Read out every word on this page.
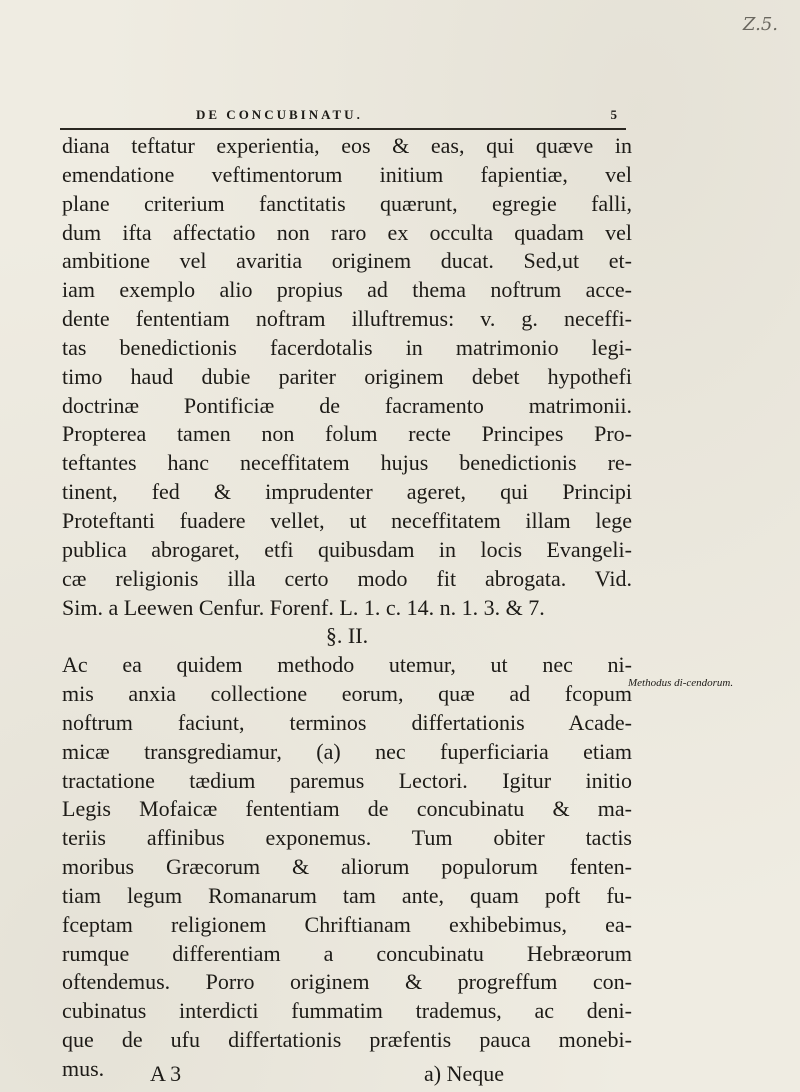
Z.5.
DE CONCUBINATU.	5
diana teftatur experientia, eos & eas, qui quæve in
emendatione veftimentorum initium fapientiæ, vel
plane criterium fanctitatis quærunt, egregie falli,
dum ifta affectatio non raro ex occulta quadam vel
ambitione vel avaritia originem ducat. Sed,ut et-
iam exemplo alio propius ad thema noftrum acce-
dente fententiam noftram illuftremus: v. g. neceffi-
tas benedictionis facerdotalis in matrimonio legi-
timo haud dubie pariter originem debet hypothefi
doctrinæ Pontificiæ de facramento matrimonii.
Propterea tamen non folum recte Principes Pro-
teftantes hanc neceffitatem hujus benedictionis re-
tinent, fed & imprudenter ageret, qui Principi
Proteftanti fuadere vellet, ut neceffitatem illam lege
publica abrogaret, etfi quibusdam in locis Evangeli-
cæ religionis illa certo modo fit abrogata. Vid.
Sim. a Leewen Cenfur. Forenf. L. 1. c. 14. n. 1. 3. & 7.
§. II.
Ac ea quidem methodo utemur, ut nec ni-
mis anxia collectione eorum, quæ ad fcopum
noftrum faciunt, terminos differtationis Acade-
micæ transgrediamur, (a) nec fuperficiaria etiam
tractatione tædium paremus Lectori. Igitur initio
Legis Mofaicæ fententiam de concubinatu & ma-
teriis affinibus exponemus. Tum obiter tactis
moribus Græcorum & aliorum populorum fenten-
tiam legum Romanarum tam ante, quam poft fu-
fceptam religionem Chriftianam exhibebimus, ea-
rumque differentiam a concubinatu Hebræorum
oftendemus. Porro originem & progreffum con-
cubinatus interdicti fummatim trademus, ac deni-
que de ufu differtationis præfentis pauca monebi-
mus.
Methodus di-cendorum.
A 3	a) Neque
